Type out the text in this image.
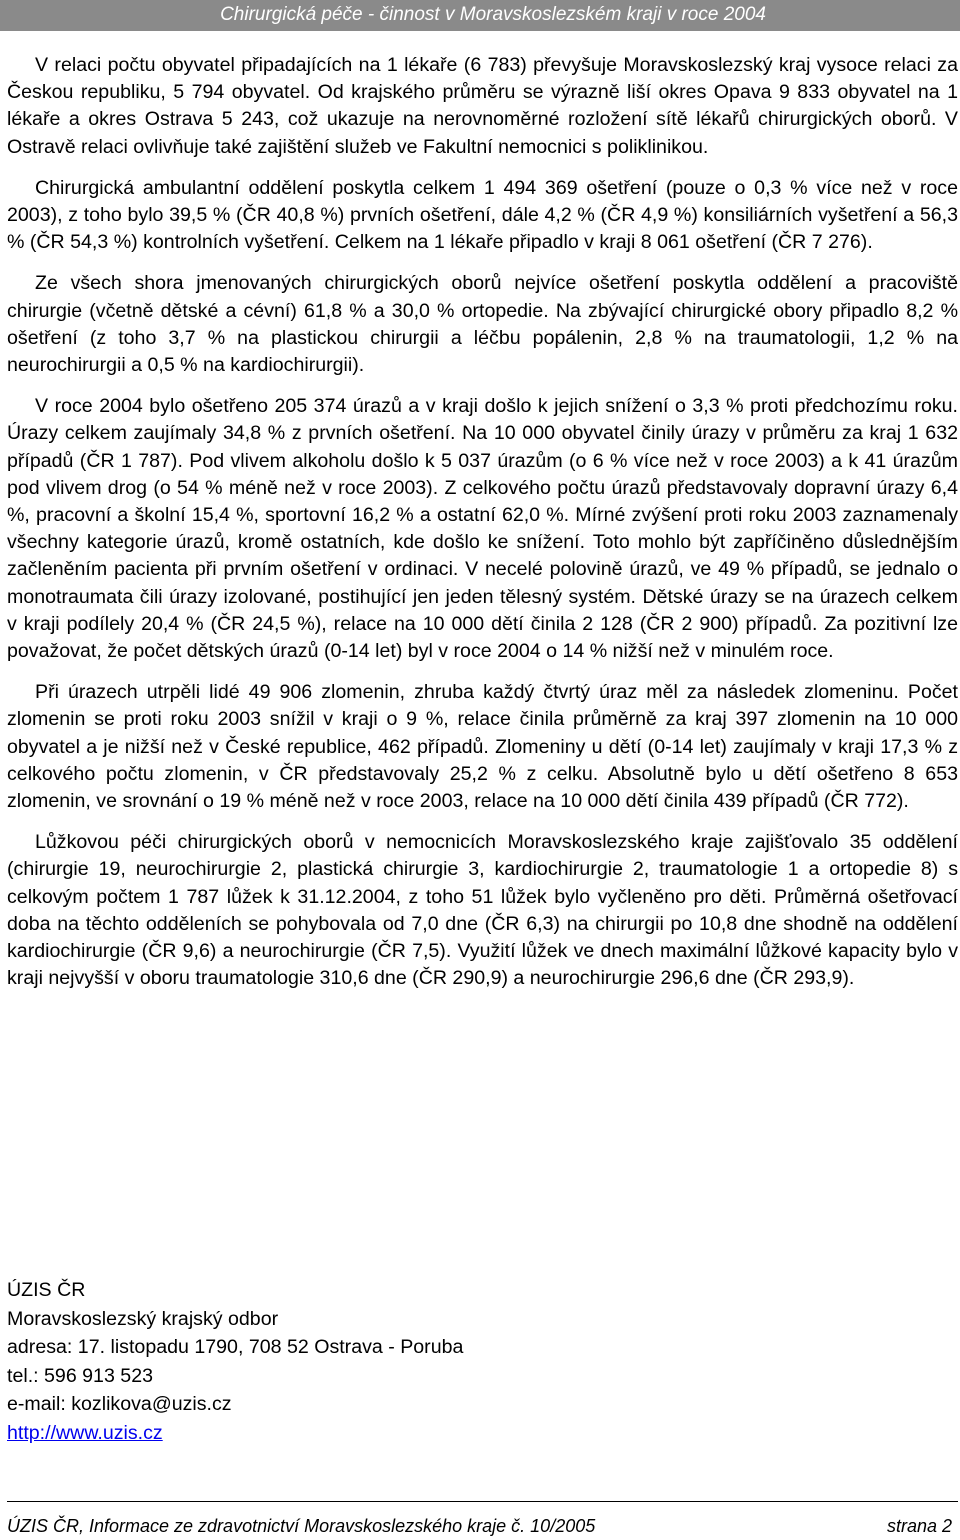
Chirurgická péče - činnost v Moravskoslezském kraji v roce 2004

V relaci počtu obyvatel připadajících na 1 lékaře (6 783) převyšuje Moravskoslezský kraj vysoce relaci za Českou republiku, 5 794 obyvatel. Od krajského průměru se výrazně liší okres Opava 9 833 obyvatel na 1 lékaře a okres Ostrava 5 243, což ukazuje na nerovnoměrné rozložení sítě lékařů chirurgických oborů. V Ostravě relaci ovlivňuje také zajištění služeb ve Fakultní nemocnici s poliklinikou.

Chirurgická ambulantní oddělení poskytla celkem 1 494 369 ošetření (pouze o 0,3 % více než v roce 2003), z toho bylo 39,5 % (ČR 40,8 %) prvních ošetření, dále 4,2 % (ČR 4,9 %) konsiliárních vyšetření a 56,3 % (ČR 54,3 %) kontrolních vyšetření. Celkem na 1 lékaře připadlo v kraji 8 061 ošetření (ČR 7 276).

Ze všech shora jmenovaných chirurgických oborů nejvíce ošetření poskytla oddělení a pracoviště chirurgie (včetně dětské a cévní) 61,8 % a 30,0 % ortopedie. Na zbývající chirurgické obory připadlo 8,2 % ošetření (z toho 3,7 % na plastickou chirurgii a léčbu popálenin, 2,8 % na traumatologii, 1,2 % na neurochirurgii a 0,5 % na kardiochirurgii).

V roce 2004 bylo ošetřeno 205 374 úrazů a v kraji došlo k jejich snížení o 3,3 % proti předchozímu roku. Úrazy celkem zaujímaly 34,8 % z prvních ošetření. Na 10 000 obyvatel činily úrazy v průměru za kraj 1 632 případů (ČR 1 787). Pod vlivem alkoholu došlo k 5 037 úrazům (o 6 % více než v roce 2003) a k 41 úrazům pod vlivem drog (o 54 % méně než v roce 2003). Z celkového počtu úrazů představovaly dopravní úrazy 6,4 %, pracovní a školní 15,4 %, sportovní 16,2 % a ostatní 62,0 %. Mírné zvýšení proti roku 2003 zaznamenaly všechny kategorie úrazů, kromě ostatních, kde došlo ke snížení. Toto mohlo být zapříčiněno důslednějším začleněním pacienta při prvním ošetření v ordinaci. V necelé polovině úrazů, ve 49 % případů, se jednalo o monotraumata čili úrazy izolované, postihující jen jeden tělesný systém. Dětské úrazy se na úrazech celkem v kraji podílely 20,4 % (ČR 24,5 %), relace na 10 000 dětí činila 2 128 (ČR 2 900) případů. Za pozitivní lze považovat, že počet dětských úrazů (0-14 let) byl v roce 2004 o 14 % nižší než v minulém roce.

Při úrazech utrpěli lidé 49 906 zlomenin, zhruba každý čtvrtý úraz měl za následek zlomeninu. Počet zlomenin se proti roku 2003 snížil v kraji o 9 %, relace činila průměrně za kraj 397 zlomenin na 10 000 obyvatel a je nižší než v České republice, 462 případů. Zlomeniny u dětí (0-14 let) zaujímaly v kraji 17,3 % z celkového počtu zlomenin, v ČR představovaly 25,2 % z celku. Absolutně bylo u dětí ošetřeno 8 653 zlomenin, ve srovnání o 19 % méně než v roce 2003, relace na 10 000 dětí činila 439 případů (ČR 772).

Lůžkovou péči chirurgických oborů v nemocnicích Moravskoslezského kraje zajišťovalo 35 oddělení (chirurgie 19, neurochirurgie 2, plastická chirurgie 3, kardiochirurgie 2, traumatologie 1 a ortopedie 8) s celkovým počtem 1 787 lůžek k 31.12.2004, z toho 51 lůžek bylo vyčleněno pro děti. Průměrná ošetřovací doba na těchto odděleních se pohybovala od 7,0 dne (ČR 6,3) na chirurgii po 10,8 dne shodně na oddělení kardiochirurgie (ČR 9,6) a neurochirurgie (ČR 7,5). Využití lůžek ve dnech maximální lůžkové kapacity bylo v kraji nejvyšší v oboru traumatologie 310,6 dne (ČR 290,9) a neurochirurgie 296,6 dne (ČR 293,9).

ÚZIS ČR
Moravskoslezský krajský odbor
adresa: 17. listopadu 1790, 708 52 Ostrava - Poruba
tel.: 596 913 523
e-mail: kozlikova@uzis.cz
http://www.uzis.cz
ÚZIS ČR, Informace ze zdravotnictví Moravskoslezského kraje č. 10/2005	strana 2
